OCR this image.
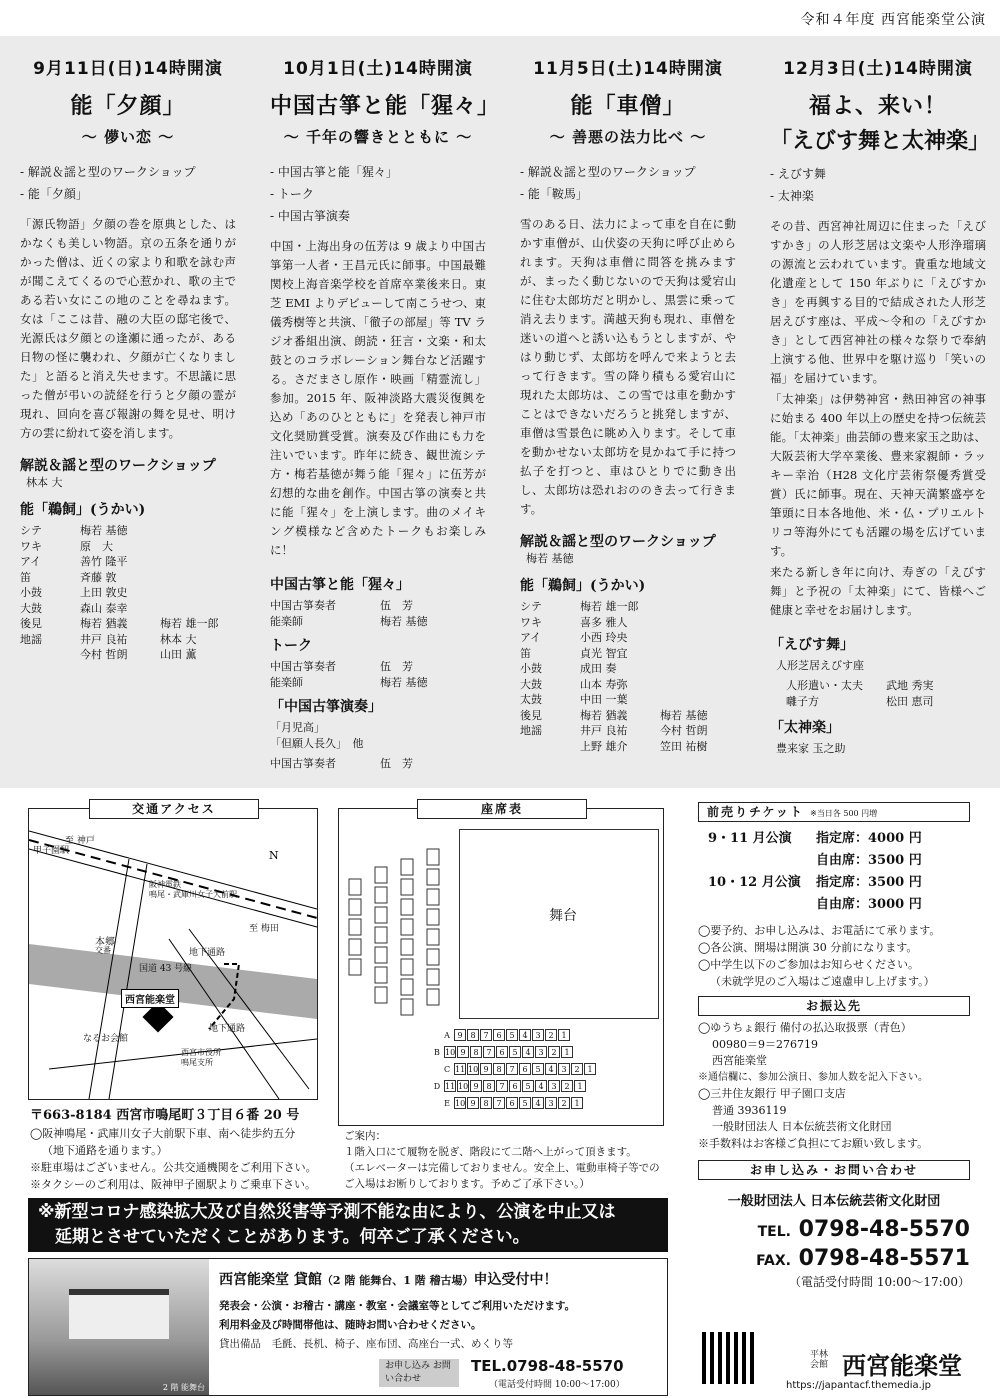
令和４年度 西宮能楽堂公演
9月11日(日)14時開演
能「夕顔」
〜 儚い恋 〜
- 解説＆謡と型のワークショップ
- 能「夕顔」
「源氏物語」夕顔の巻を原典とした、はかなくも美しい物語。京の五条を通りがかった僧は、近くの家より和歌を詠む声が聞こえてくるので心惹かれ、歌の主である若い女にこの地のことを尋ねます。女は「ここは昔、融の大臣の邸宅後で、光源氏は夕顔との逢瀬に通ったが、ある日物の怪に襲われ、夕顔が亡くなりました」と語ると消え失せます。不思議に思った僧が弔いの読経を行うと夕顔の霊が現れ、回向を喜び報謝の舞を見せ、明け方の雲に紛れて姿を消します。
解説＆謡と型のワークショップ
林本 大
能「鵜飼」(うかい)
シテ	梅若 基徳	
ワキ	原　大	
アイ	善竹 隆平	
笛	斉藤 敦	
小鼓	上田 敦史	
大鼓	森山 泰幸	
後見	梅若 猶義	梅若 雄一郎
地謡	井戸 良祐	林本 大
	今村 哲朗	山田 薫
10月1日(土)14時開演
中国古箏と能「猩々」
〜 千年の響きとともに 〜
- 中国古箏と能「猩々」
- トーク
- 中国古箏演奏
中国・上海出身の伍芳は 9 歳より中国古箏第一人者・王昌元氏に師事。中国最難関校上海音楽学校を首席卒業後来日。東芝 EMI よりデビューして南こうせつ、東儀秀樹等と共演、「徹子の部屋」等 TV ラジオ番組出演、朗読・狂言・文楽・和太鼓とのコラボレーション舞台など活躍する。さだまさし原作・映画「精霊流し」参加。2015 年、阪神淡路大震災復興を込め「あのひとともに」を発表し神戸市文化奨励賞受賞。演奏及び作曲にも力を注いでいます。昨年に続き、観世流シテ方・梅若基徳が舞う能「猩々」に伍芳が幻想的な曲を創作。中国古箏の演奏と共に能「猩々」を上演します。曲のメイキング模様など含めたトークもお楽しみに！
中国古箏と能「猩々」
中国古箏奏者	伍　芳
能楽師	梅若 基徳
トーク
中国古箏奏者	伍　芳
能楽師	梅若 基徳
「中国古箏演奏」
「月児高」
「但願人長久」　他
中国古箏奏者	伍　芳
11月5日(土)14時開演
能「車僧」
〜 善悪の法力比べ 〜
- 解説＆謡と型のワークショップ
- 能「鞍馬」
雪のある日、法力によって車を自在に動かす車僧が、山伏姿の天狗に呼び止められます。天狗は車僧に問答を挑みますが、まったく動じないので天狗は愛宕山に住む太郎坊だと明かし、黒雲に乗って消え去ります。満越天狗も現れ、車僧を迷いの道へと誘い込もうとしますが、やはり動じず、太郎坊を呼んで来ようと去って行きます。雪の降り積もる愛宕山に現れた太郎坊は、この雪では車を動かすことはできないだろうと挑発しますが、車僧は雪景色に眺め入ります。そして車を動かせない太郎坊を見かねて手に持つ払子を打つと、車はひとりでに動き出し、太郎坊は恐れおののき去って行きます。
解説＆謡と型のワークショップ
梅若 基徳
能「鵜飼」(うかい)
シテ	梅若 雄一郎	
ワキ	喜多 雅人	
アイ	小西 玲央	
笛	貞光 智宜	
小鼓	成田 奏	
大鼓	山本 寿弥	
太鼓	中田 一葉	
後見	梅若 猶義	梅若 基徳
地謡	井戸 良祐	今村 哲朗
	上野 雄介	笠田 祐樹
12月3日(土)14時開演
福よ、来い！
「えびす舞と太神楽」
- えびす舞
- 太神楽
その昔、西宮神社周辺に住まった「えびすかき」の人形芝居は文楽や人形浄瑠璃の源流と云われています。貴重な地域文化遺産として 150 年ぶりに「えびすかき」を再興する目的で結成された人形芝居えびす座は、平成〜令和の「えびすかき」として西宮神社の様々な祭りで奉納上演する他、世界中を駆け巡り「笑いの福」を届けています。
「太神楽」は伊勢神宮・熱田神宮の神事に始まる 400 年以上の歴史を持つ伝統芸能。「太神楽」曲芸師の豊来家玉之助は、大阪芸術大学卒業後、豊来家親師・ラッキー幸治（H28 文化庁芸術祭優秀賞受賞）氏に師事。現在、天神天満繁盛亭を筆頭に日本各地他、米・仏・プリエルトリコ等海外にても活躍の場を広げています。
来たる新しき年に向け、寿ぎの「えびす舞」と予祝の「太神楽」にて、皆様へご健康と幸せをお届けします。
「えびす舞」
人形芝居えびす座
人形遣い・太夫	武地 秀実
囃子方	松田 恵司
「太神楽」
豊来家 玉之助
交通アクセス
N
至 神戸
甲子園駅
阪神電鉄
鳴尾・武庫川女子大前駅
至 梅田
本郷
交番	地下通路
国道 43 号線
西宮能楽堂
地下通路
なるお会館
西宮市役所
鳴尾支所
〒663-8184 西宮市鳴尾町３丁目６番 20 号
◯阪神鳴尾・武庫川女子大前駅下車、南へ徒歩約五分
（地下通路を通ります。）
※駐車場はございません。公共交通機関をご利用下さい。
※タクシーのご利用は、阪神甲子園駅よりご乗車下さい。
座席表
舞台
A 9 8 7 6 5 4 3 2 1
B 10 9 8 7 6 5 4 3 2 1
C 11 10 9 8 7 6 5 4 3 2 1
D 11 10 9 8 7 6 5 4 3 2 1
E 10 9 8 7 6 5 4 3 2 1
ご案内：
１階入口にて履物を脱ぎ、階段にて二階へ上がって頂きます。
（エレベーターは完備しておりません。安全上、電動車椅子等でのご入場はお断りしております。予めご了承下さい。）
前売りチケット ※当日各 500 円増
9・11 月公演 指定席：4000 円
自由席：3500 円
10・12 月公演 指定席：3500 円
自由席：3000 円
◯要予約、お申し込みは、お電話にて承ります。
◯各公演、開場は開演 30 分前になります。
◯中学生以下のご参加はお知らせください。
（未就学児のご入場はご遠慮申し上げます。）
お振込先
◯ゆうちょ銀行 備付の払込取扱票（青色）
00980＝9＝276719
西宮能楽堂
※通信欄に、参加公演日、参加人数を記入下さい。
◯三井住友銀行 甲子園口支店
普通 3936119
一般財団法人 日本伝統芸術文化財団
※手数料はお客様ご負担にてお願い致します。
お申し込み・お問い合わせ
一般財団法人 日本伝統芸術文化財団
TEL. 0798-48-5570
FAX. 0798-48-5571
（電話受付時間 10:00〜17:00）
平林会館 西宮能楽堂
https://japantacf.themedia.jp
※新型コロナ感染拡大及び自然災害等予測不能な由により、公演を中止又は
　延期とさせていただくことがあります。何卒ご了承ください。
2 階 能舞台
西宮能楽堂 貸館（2 階 能舞台、1 階 稽古場）申込受付中！
発表会・公演・お稽古・講座・教室・会議室等としてご利用いただけます。
利用料金及び時間帯他は、随時お問い合わせください。
貸出備品　毛氈、長机、椅子、座布団、高座台一式、めくり等
お申し込み お問い合わせ
TEL.0798-48-5570
（電話受付時間 10:00〜17:00）
